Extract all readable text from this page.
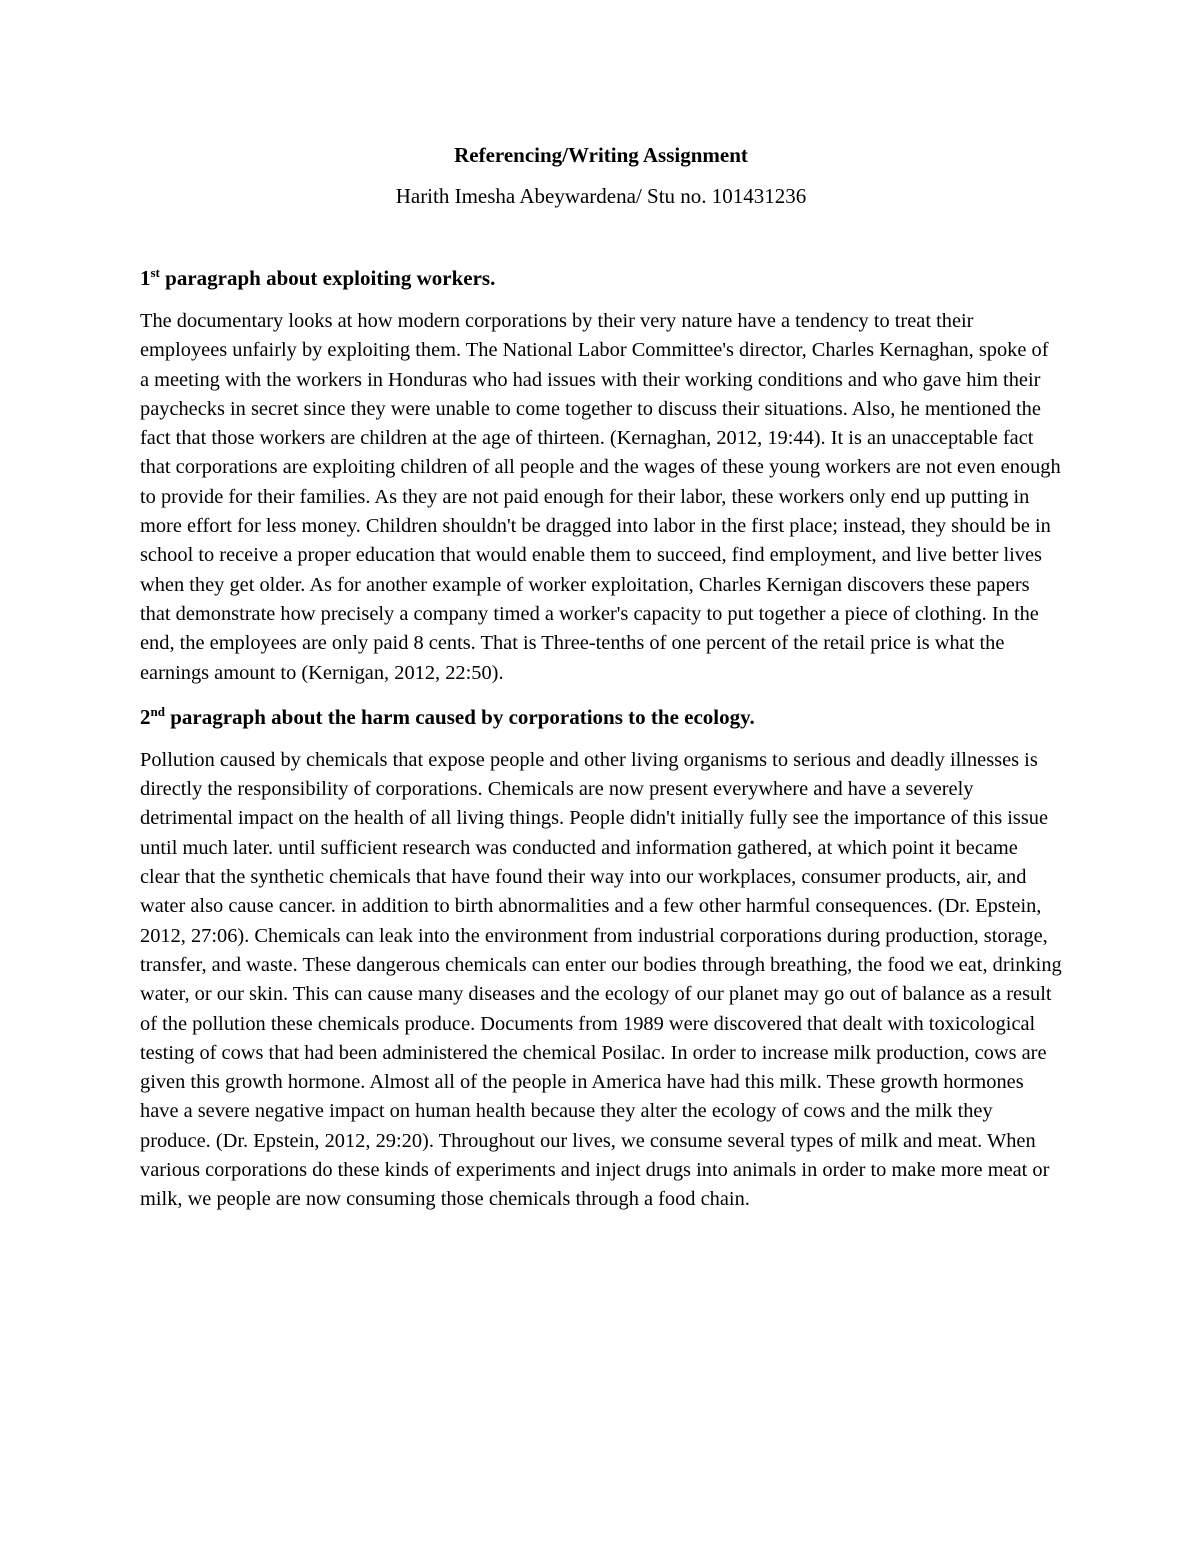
Referencing/Writing Assignment

Harith Imesha Abeywardena/ Stu no. 101431236

1st paragraph about exploiting workers.

The documentary looks at how modern corporations by their very nature have a tendency to treat their employees unfairly by exploiting them. The National Labor Committee's director, Charles Kernaghan, spoke of a meeting with the workers in Honduras who had issues with their working conditions and who gave him their paychecks in secret since they were unable to come together to discuss their situations. Also, he mentioned the fact that those workers are children at the age of thirteen. (Kernaghan, 2012, 19:44). It is an unacceptable fact that corporations are exploiting children of all people and the wages of these young workers are not even enough to provide for their families. As they are not paid enough for their labor, these workers only end up putting in more effort for less money. Children shouldn't be dragged into labor in the first place; instead, they should be in school to receive a proper education that would enable them to succeed, find employment, and live better lives when they get older. As for another example of worker exploitation, Charles Kernigan discovers these papers that demonstrate how precisely a company timed a worker's capacity to put together a piece of clothing. In the end, the employees are only paid 8 cents. That is Three-tenths of one percent of the retail price is what the earnings amount to (Kernigan, 2012, 22:50).

2nd paragraph about the harm caused by corporations to the ecology.

Pollution caused by chemicals that expose people and other living organisms to serious and deadly illnesses is directly the responsibility of corporations. Chemicals are now present everywhere and have a severely detrimental impact on the health of all living things. People didn't initially fully see the importance of this issue until much later. until sufficient research was conducted and information gathered, at which point it became clear that the synthetic chemicals that have found their way into our workplaces, consumer products, air, and water also cause cancer. in addition to birth abnormalities and a few other harmful consequences. (Dr. Epstein, 2012, 27:06). Chemicals can leak into the environment from industrial corporations during production, storage, transfer, and waste. These dangerous chemicals can enter our bodies through breathing, the food we eat, drinking water, or our skin. This can cause many diseases and the ecology of our planet may go out of balance as a result of the pollution these chemicals produce. Documents from 1989 were discovered that dealt with toxicological testing of cows that had been administered the chemical Posilac. In order to increase milk production, cows are given this growth hormone. Almost all of the people in America have had this milk. These growth hormones have a severe negative impact on human health because they alter the ecology of cows and the milk they produce. (Dr. Epstein, 2012, 29:20). Throughout our lives, we consume several types of milk and meat. When various corporations do these kinds of experiments and inject drugs into animals in order to make more meat or milk, we people are now consuming those chemicals through a food chain.
